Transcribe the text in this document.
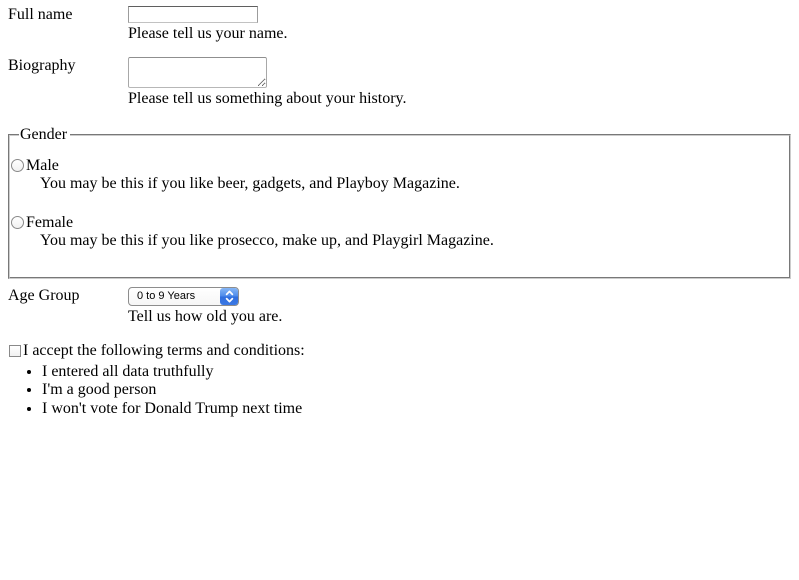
Full name
Please tell us your name.
Biography
Please tell us something about your history.
Gender
Male
You may be this if you like beer, gadgets, and Playboy Magazine.
Female
You may be this if you like prosecco, make up, and Playgirl Magazine.
Age Group	0 to 9 Years
Tell us how old you are.
I accept the following terms and conditions:
• I entered all data truthfully
• I'm a good person
• I won't vote for Donald Trump next time
